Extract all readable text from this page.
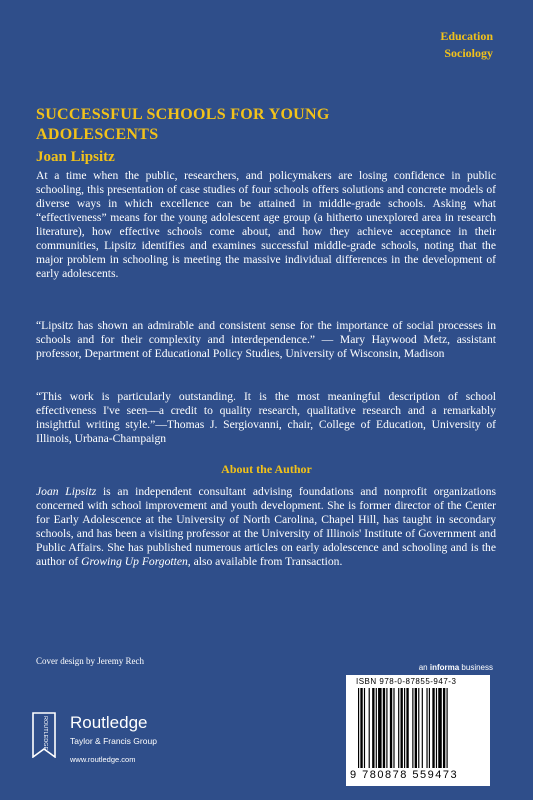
Education
Sociology
SUCCESSFUL SCHOOLS FOR YOUNG
ADOLESCENTS
Joan Lipsitz
At a time when the public, researchers, and policymakers are losing confidence in public schooling, this presentation of case studies of four schools offers solutions and concrete models of diverse ways in which excellence can be attained in middle-grade schools. Asking what “effectiveness” means for the young adolescent age group (a hitherto unexplored area in research literature), how effective schools come about, and how they achieve acceptance in their communities, Lipsitz identifies and examines successful middle-grade schools, noting that the major problem in schooling is meeting the massive individual differences in the development of early adolescents.
“Lipsitz has shown an admirable and consistent sense for the importance of social processes in schools and for their complexity and interdependence.” — Mary Haywood Metz, assistant professor, Department of Educational Policy Studies, University of Wisconsin, Madison
“This work is particularly outstanding. It is the most meaningful description of school effectiveness I've seen—a credit to quality research, qualitative research and a remarkably insightful writing style.”—Thomas J. Sergiovanni, chair, College of Education, University of Illinois, Urbana-Champaign
About the Author
Joan Lipsitz is an independent consultant advising foundations and nonprofit organizations concerned with school improvement and youth development. She is former director of the Center for Early Adolescence at the University of North Carolina, Chapel Hill, has taught in secondary schools, and has been a visiting professor at the University of Illinois' Institute of Government and Public Affairs. She has published numerous articles on early adolescence and schooling and is the author of Growing Up Forgotten, also available from Transaction.
Cover design by Jeremy Rech
ROUTLEDGE Routledge
Taylor & Francis Group
www.routledge.com
an informa business
ISBN 978-0-87855-947-3
9 780878 559473
